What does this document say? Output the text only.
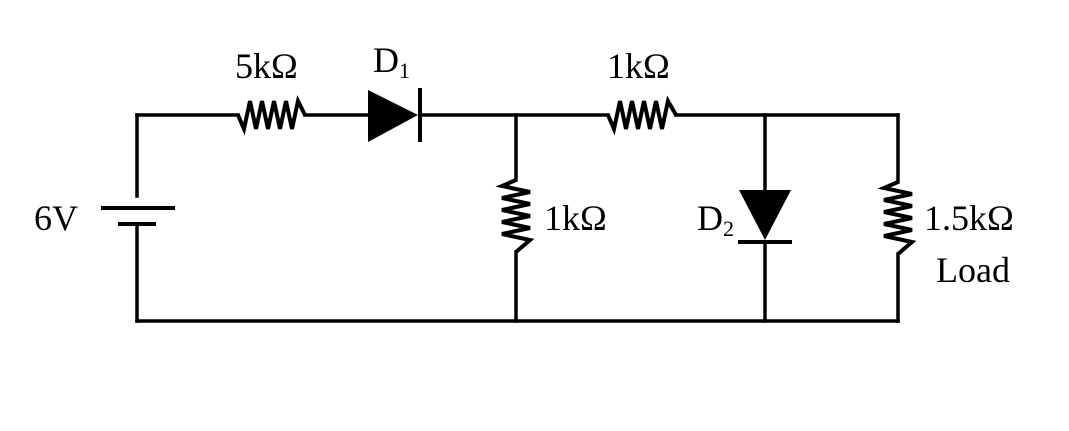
6V
5kΩ D1	1kΩ
1kΩ	D2	1.5kΩ
Load
